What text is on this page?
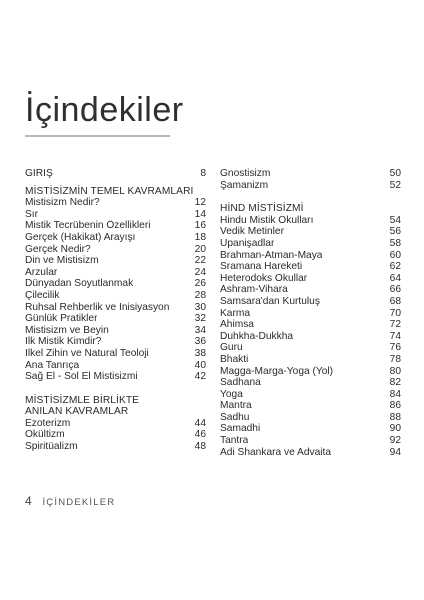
İçindekiler
GİRİŞ	8
MİSTİSİZMİN TEMEL KAVRAMLARI
Mistisizm Nedir?	12
Sır	14
Mistik Tecrübenin Özellikleri	16
Gerçek (Hakikat) Arayışı	18
Gerçek Nedir?	20
Din ve Mistisizm	22
Arzular	24
Dünyadan Soyutlanmak	26
Çilecilik	28
Ruhsal Rehberlik ve İnisiyasyon	30
Günlük Pratikler	32
Mistisizm ve Beyin	34
İlk Mistik Kimdir?	36
İlkel Zihin ve Natural Teoloji	38
Ana Tanrıça	40
Sağ El - Sol El Mistisizmi	42
MİSTİSİZMLE BİRLİKTE
ANILAN KAVRAMLAR
Ezoterizm	44
Okültizm	46
Spiritüalizm	48
Gnostisizm	50
Şamanizm	52
HİND MİSTİSİZMİ
Hindu Mistik Okulları	54
Vedik Metinler	56
Upanişadlar	58
Brahman-Atman-Maya	60
Sramana Hareketi	62
Heterodoks Okullar	64
Ashram-Vihara	66
Samsara'dan Kurtuluş	68
Karma	70
Ahimsa	72
Duhkha-Dukkha	74
Guru	76
Bhakti	78
Magga-Marga-Yoga (Yol)	80
Sadhana	82
Yoga	84
Mantra	86
Sadhu	88
Samadhi	90
Tantra	92
Adi Shankara ve Advaita	94
4 İÇİNDEKİLER
